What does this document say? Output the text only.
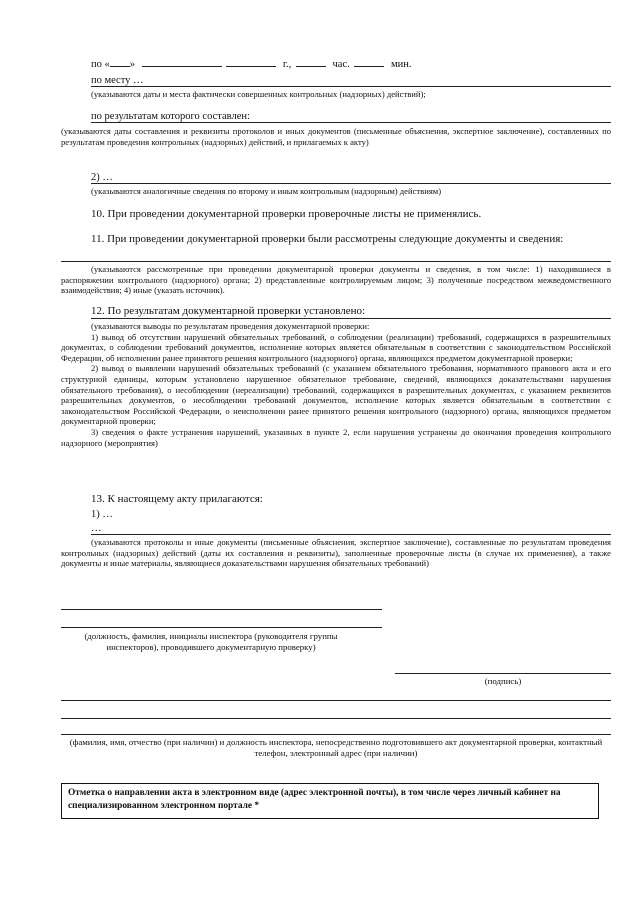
по « »	г.,	час.	мин.
по месту …
(указываются даты и места фактически совершенных контрольных (надзорных) действий);
по результатам которого составлен:
(указываются даты составления и реквизиты протоколов и иных документов (письменные объяснения, экспертное заключение), составленных по результатам проведения контрольных (надзорных) действий, и прилагаемых к акту)
2) …
(указываются аналогичные сведения по второму и иным контрольным (надзорным) действиям)
10. При проведении документарной проверки проверочные листы не применялись.
11. При проведении документарной проверки были рассмотрены следующие документы и сведения:
(указываются рассмотренные при проведении документарной проверки документы и сведения, в том числе: 1) находившиеся в распоряжении контрольного (надзорного) органа; 2) представленные контролируемым лицом; 3) полученные посредством межведомственного взаимодействия; 4) иные (указать источник).
12. По результатам документарной проверки установлено:

(указываются выводы по результатам проведения документарной проверки:

1) вывод об отсутствии нарушений обязательных требований, о соблюдении (реализации) требований, содержащихся в разрешительных документах, о соблюдении требований документов, исполнение которых является обязательным в соответствии с законодательством Российской Федерации, об исполнении ранее принятого решения контрольного (надзорного) органа, являющихся предметом документарной проверки;

2) вывод о выявлении нарушений обязательных требований (с указанием обязательного требования, нормативного правового акта и его структурной единицы, которым установлено нарушенное обязательное требование, сведений, являющихся доказательствами нарушения обязательного требования), о несоблюдении (нереализации) требований, содержащихся в разрешительных документах, с указанием реквизитов разрешительных документов, о несоблюдении требований документов, исполнение которых является обязательным в соответствии с законодательством Российской Федерации, о неисполнении ранее принятого решения контрольного (надзорного) органа, являющихся предметом документарной проверки;

3) сведения о факте устранения нарушений, указанных в пункте 2, если нарушения устранены до окончания проведения контрольного надзорного (мероприятия)

13. К настоящему акту прилагаются:
1) …
…
(указываются протоколы и иные документы (письменные объяснения, экспертное заключение), составленные по результатам проведения контрольных (надзорных) действий (даты их составления и реквизиты), заполненные проверочные листы (в случае их применения), а также документы и иные материалы, являющиеся доказательствами нарушения обязательных требований)
(должность, фамилия, инициалы инспектора (руководителя группы инспекторов), проводившего документарную проверку)
(подпись)
(фамилия, имя, отчество (при наличии) и должность инспектора, непосредственно подготовившего акт документарной проверки, контактный телефон, электронный адрес (при наличии)
Отметка о направлении акта в электронном виде (адрес электронной почты), в том числе через личный кабинет на специализированном электронном портале *
